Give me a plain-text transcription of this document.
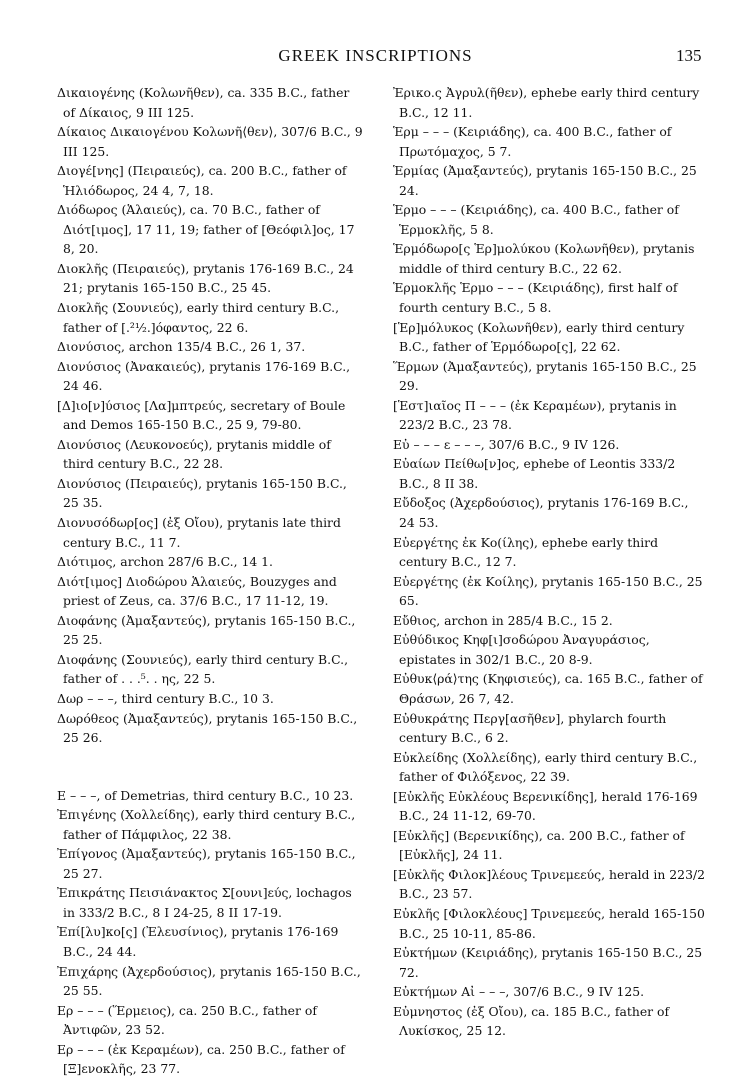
GREEK INSCRIPTIONS	135

Δικαιογένης (Κολωνῆθεν), ca. 335 B.C., father of Δίκαιος, 9 III 125.

Δίκαιος Δικαιογένου Κολωνῆ⟨θεν⟩, 307/6 B.C., 9 III 125.

Διογέ[νης] (Πειραιεύς), ca. 200 B.C., father of Ἡλιόδωρος, 24 4, 7, 18.

Διόδωρος (Ἁλαιεύς), ca. 70 B.C., father of Διότ[ιμος], 17 11, 19; father of [Θεόφιλ]ος, 17 8, 20.

Διοκλῆς (Πειραιεύς), prytanis 176-169 B.C., 24 21; prytanis 165-150 B.C., 25 45.

Διοκλῆς (Σουνιεύς), early third century B.C., father of [.²½.]όφαντος, 22 6.

Διονύσιος, archon 135/4 B.C., 26 1, 37.

Διονύσιος (Ἀνακαιεύς), prytanis 176-169 B.C., 24 46.

[Δ]ιο[ν]ύσιος [Λα]μπτρεύς, secretary of Boule and Demos 165-150 B.C., 25 9, 79-80.

Διονύσιος (Λευκονοεύς), prytanis middle of third century B.C., 22 28.

Διονύσιος (Πειραιεύς), prytanis 165-150 B.C., 25 35.

Διονυσόδωρ[ος] (ἐξ Οἴου), prytanis late third century B.C., 11 7.

Διότιμος, archon 287/6 B.C., 14 1.

Διότ[ιμος] Διοδώρου Ἁλαιεύς, Bouzyges and priest of Zeus, ca. 37/6 B.C., 17 11-12, 19.

Διοφάνης (Ἀμαξαντεύς), prytanis 165-150 B.C., 25 25.

Διοφάνης (Σουνιεύς), early third century B.C., father of . . .⁵. . ης, 22 5.

Δωρ – – –, third century B.C., 10 3.

Δωρόθεος (Ἀμαξαντεύς), prytanis 165-150 B.C., 25 26.

Ε – – –, of Demetrias, third century B.C., 10 23.

Ἐπιγένης (Χολλείδης), early third century B.C., father of Πάμφιλος, 22 38.

Ἐπίγονος (Ἀμαξαντεύς), prytanis 165-150 B.C., 25 27.

Ἐπικράτης Πεισιάνακτος Σ[ουνι]εύς, lochagos in 333/2 B.C., 8 I 24-25, 8 II 17-19.

Ἐπί[λυ]κο[ς] (Ἐλευσίνιος), prytanis 176-169 B.C., 24 44.

Ἐπιχάρης (Ἀχερδούσιος), prytanis 165-150 B.C., 25 55.

Ερ – – – (Ἕρμειος), ca. 250 B.C., father of Ἀντιφῶν, 23 52.

Ερ – – – (ἐκ Κεραμέων), ca. 250 B.C., father of [Ξ]ενοκλῆς, 23 77.

Ἐρικο.ς Ἀγρυλ(ῆθεν), ephebe early third century B.C., 12 11.

Ἑρμ – – – (Κειριάδης), ca. 400 B.C., father of Πρωτόμαχος, 5 7.

Ἑρμίας (Ἀμαξαντεύς), prytanis 165-150 B.C., 25 24.

Ἑρμο – – – (Κειριάδης), ca. 400 B.C., father of Ἑρμοκλῆς, 5 8.

Ἑρμόδωρο[ς Ἑρ]μολύκου (Κολωνῆθεν), prytanis middle of third century B.C., 22 62.

Ἑρμοκλῆς Ἑρμο – – – (Κειριάδης), first half of fourth century B.C., 5 8.

[Ἑρ]μόλυκος (Κολωνῆθεν), early third century B.C., father of Ἑρμόδωρο[ς], 22 62.

Ἕρμων (Ἀμαξαντεύς), prytanis 165-150 B.C., 25 29.

[Ἑστ]ιαῖος Π – – – (ἐκ Κεραμέων), prytanis in 223/2 B.C., 23 78.

Εὐ – – – ε – – –, 307/6 B.C., 9 IV 126.

Εὐαίων Πείθω[ν]ος, ephebe of Leontis 333/2 B.C., 8 II 38.

Εὔδοξος (Ἀχερδούσιος), prytanis 176-169 B.C., 24 53.

Εὐεργέτης ἐκ Κο(ίλης), ephebe early third century B.C., 12 7.

Εὐεργέτης (ἐκ Κοίλης), prytanis 165-150 B.C., 25 65.

Εὔθιος, archon in 285/4 B.C., 15 2.

Εὐθύδικος Κηφ[ι]σοδώρου Ἀναγυράσιος, epistates in 302/1 B.C., 20 8-9.

Εὐθυκ⟨ρά⟩της (Κηφισιεύς), ca. 165 B.C., father of Θράσων, 26 7, 42.

Εὐθυκράτης Περγ[ασῆθεν], phylarch fourth century B.C., 6 2.

Εὐκλείδης (Χολλείδης), early third century B.C., father of Φιλόξενος, 22 39.

[Εὐκλῆς Εὐκλέους Βερενικίδης], herald 176-169 B.C., 24 11-12, 69-70.

[Εὐκλῆς] (Βερενικίδης), ca. 200 B.C., father of [Εὐκλῆς], 24 11.

[Εὐκλῆς Φιλοκ]λέους Τρινεμεεύς, herald in 223/2 B.C., 23 57.

Εὐκλῆς [Φιλοκλέους] Τρινεμεεύς, herald 165-150 B.C., 25 10-11, 85-86.

Εὐκτήμων (Κειριάδης), prytanis 165-150 B.C., 25 72.

Εὐκτήμων Αἰ – – –, 307/6 B.C., 9 IV 125.

Εὐμνηστος (ἐξ Οἴου), ca. 185 B.C., father of Λυκίσκος, 25 12.
